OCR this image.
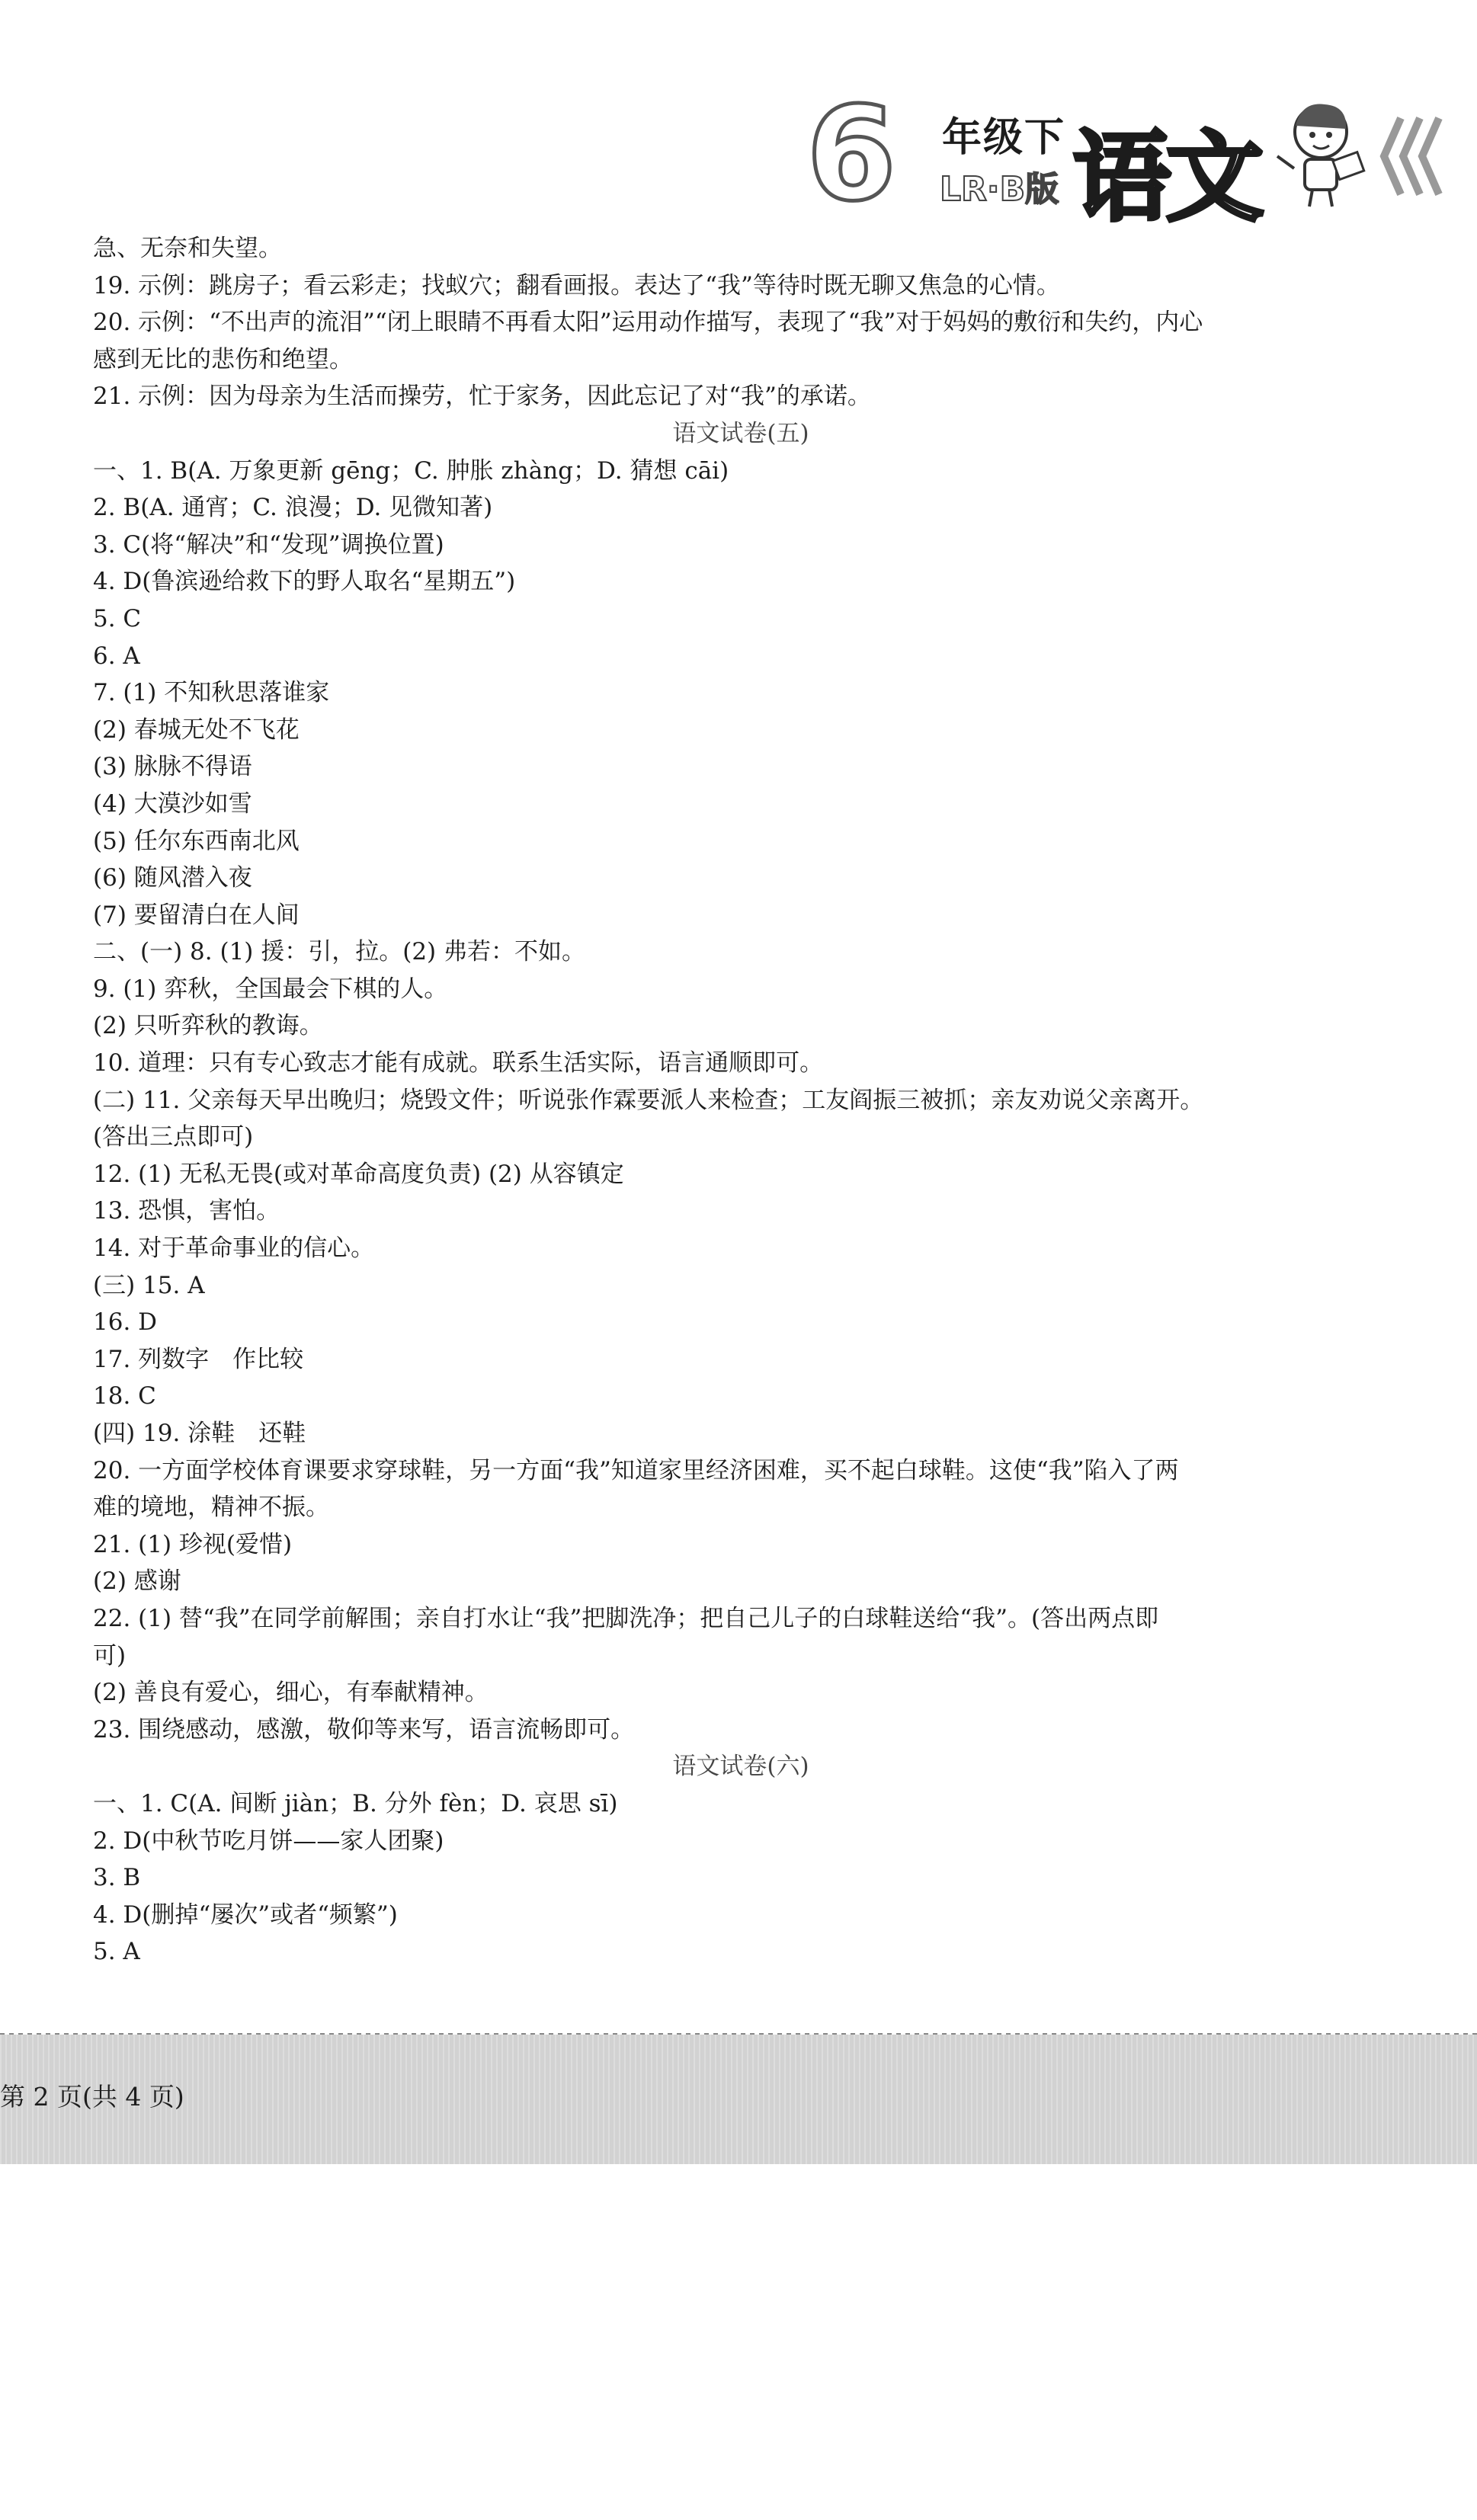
6 年级下
LR·B版 语文
急、无奈和失望。
19. 示例：跳房子；看云彩走；找蚁穴；翻看画报。表达了“我”等待时既无聊又焦急的心情。
20. 示例：“不出声的流泪”“闭上眼睛不再看太阳”运用动作描写，表现了“我”对于妈妈的敷衍和失约，内心
感到无比的悲伤和绝望。
21. 示例：因为母亲为生活而操劳，忙于家务，因此忘记了对“我”的承诺。
语文试卷(五)
一、1. B(A. 万象更新 gēng；C. 肿胀 zhàng；D. 猜想 cāi)
2. B(A. 通宵；C. 浪漫；D. 见微知著)
3. C(将“解决”和“发现”调换位置)
4. D(鲁滨逊给救下的野人取名“星期五”)
5. C
6. A
7. (1) 不知秋思落谁家
(2) 春城无处不飞花
(3) 脉脉不得语
(4) 大漠沙如雪
(5) 任尔东西南北风
(6) 随风潜入夜
(7) 要留清白在人间
二、(一) 8. (1) 援：引，拉。(2) 弗若：不如。
9. (1) 弈秋，全国最会下棋的人。
(2) 只听弈秋的教诲。
10. 道理：只有专心致志才能有成就。联系生活实际，语言通顺即可。
(二) 11. 父亲每天早出晚归；烧毁文件；听说张作霖要派人来检查；工友阎振三被抓；亲友劝说父亲离开。
(答出三点即可)
12. (1) 无私无畏(或对革命高度负责) (2) 从容镇定
13. 恐惧，害怕。
14. 对于革命事业的信心。
(三) 15. A
16. D
17. 列数字　作比较
18. C
(四) 19. 涂鞋　还鞋
20. 一方面学校体育课要求穿球鞋，另一方面“我”知道家里经济困难，买不起白球鞋。这使“我”陷入了两
难的境地，精神不振。
21. (1) 珍视(爱惜)
(2) 感谢
22. (1) 替“我”在同学前解围；亲自打水让“我”把脚洗净；把自己儿子的白球鞋送给“我”。(答出两点即
可)
(2) 善良有爱心，细心，有奉献精神。
23. 围绕感动，感激，敬仰等来写，语言流畅即可。
语文试卷(六)
一、1. C(A. 间断 jiàn；B. 分外 fèn；D. 哀思 sī)
2. D(中秋节吃月饼——家人团聚)
3. B
4. D(删掉“屡次”或者“频繁”)
5. A
第 2 页(共 4 页)
